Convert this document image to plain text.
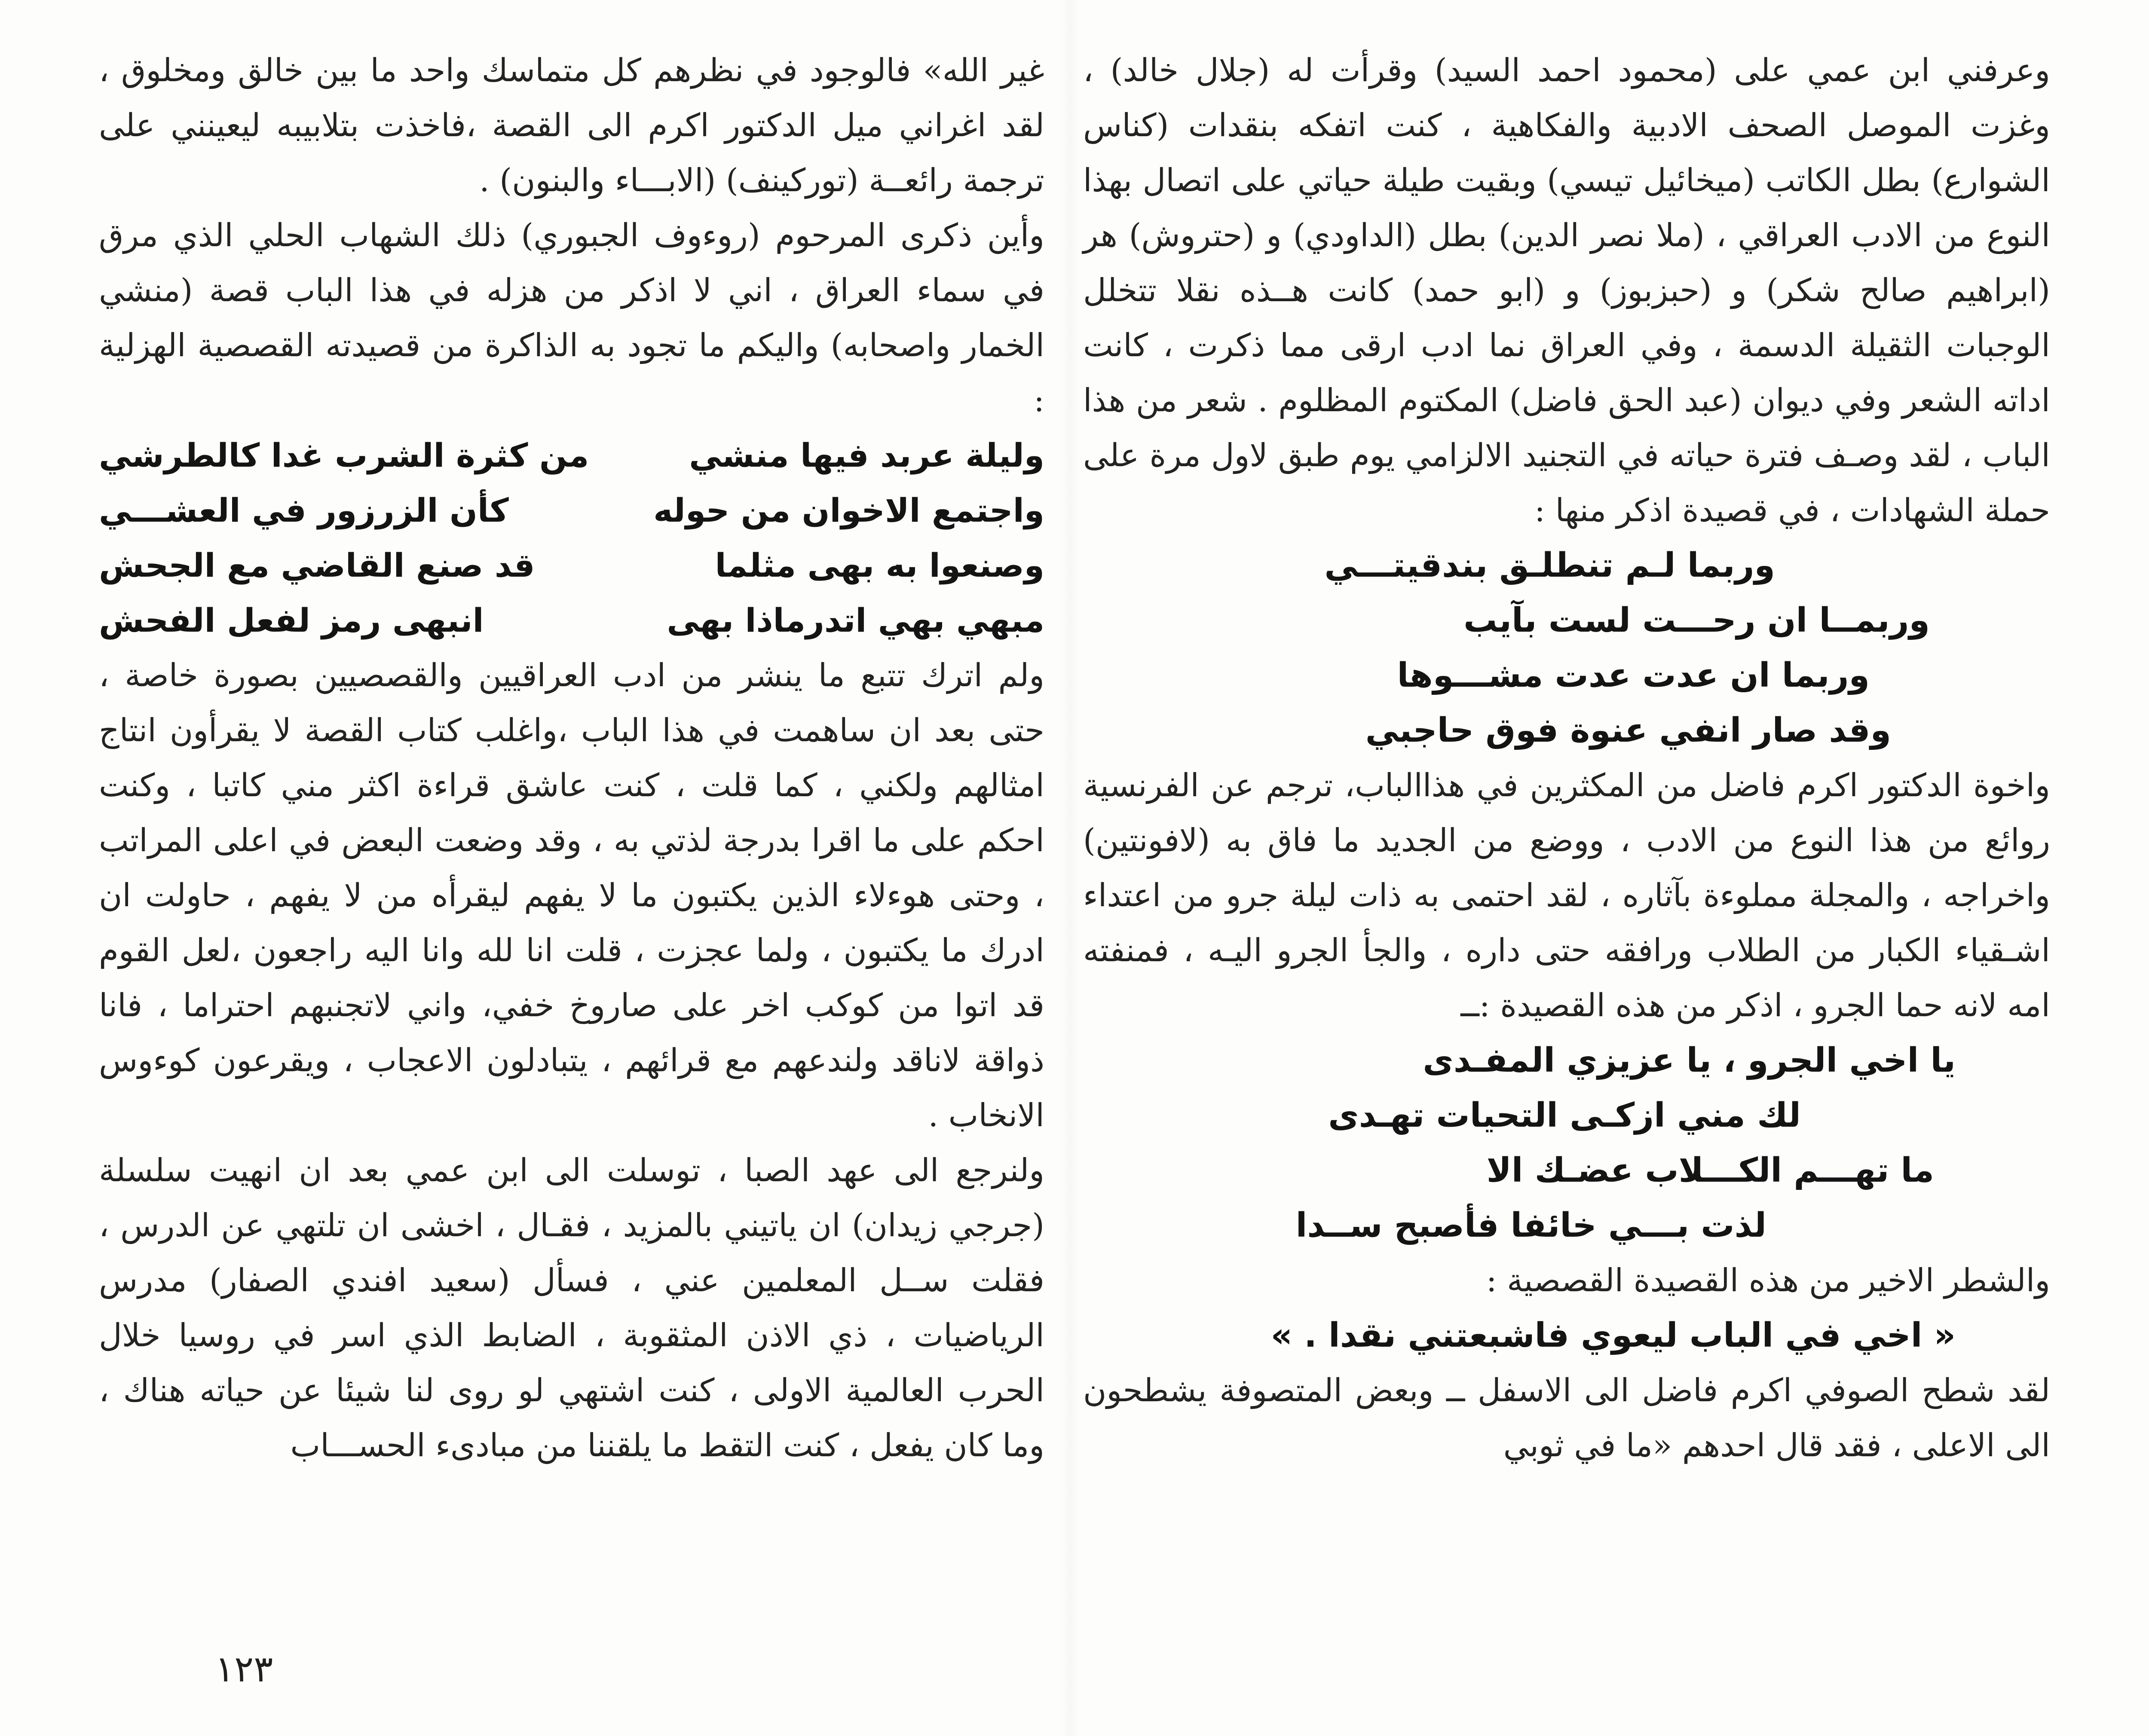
وعرفني ابن عمي على (محمود احمد السيد) وقرأت له (جلال خالد) ، وغزت الموصل الصحف الادبية والفكاهية ، كنت اتفكه بنقدات (كناس الشوارع) بطل الكاتب (ميخائيل تيسي) وبقيت طيلة حياتي على اتصال بهذا النوع من الادب العراقي ، (ملا نصر الدين) بطل (الداودي) و (حتروش) هر (ابراهيم صالح شكر) و (حبزبوز) و (ابو حمد) كانت هــذه نقلا تتخلل الوجبات الثقيلة الدسمة ، وفي العراق نما ادب ارقى مما ذكرت ، كانت اداته الشعر وفي ديوان (عبد الحق فاضل) المكتوم المظلوم . شعر من هذا الباب ، لقد وصـف فترة حياته في التجنيد الالزامي يوم طبق لاول مرة على حملة الشهادات ، في قصيدة اذكر منها :

وربما لـم تنطلـق بندقيتـــي

وربمــا ان رحـــت لست بآيب

وربما ان عدت عدت مشـــوها

وقد صار انفي عنوة فوق حاجبي

واخوة الدكتور اكرم فاضل من المكثرين في هذاالباب، ترجم عن الفرنسية روائع من هذا النوع من الادب ، ووضع من الجديد ما فاق به (لافونتين) واخراجه ، والمجلة مملوءة بآثاره ، لقد احتمى به ذات ليلة جرو من اعتداء اشـقياء الكبار من الطلاب ورافقه حتى داره ، والجأ الجرو اليـه ، فمنفته امه لانه حما الجرو ، اذكر من هذه القصيدة :ــ

يا اخي الجرو ، يا عزيزي المفـدى

لك مني ازكـى التحيات تهـدى

ما تهـــم الكـــلاب عضـك الا

لذت بـــي خائفا فأصبح ســدا

والشطر الاخير من هذه القصيدة القصصية :

« اخي في الباب ليعوي فاشبعتني نقدا . »

لقد شطح الصوفي اكرم فاضل الى الاسفل ــ وبعض المتصوفة يشطحون الى الاعلى ، فقد قال احدهم «ما في ثوبي

غير الله» فالوجود في نظرهم كل متماسك واحد ما بين خالق ومخلوق ، لقد اغراني ميل الدكتور اكرم الى القصة ،فاخذت بتلابيبه ليعينني على ترجمة رائعــة (توركينف) (الابـــاء والبنون) .

وأين ذكرى المرحوم (روءوف الجبوري) ذلك الشهاب الحلي الذي مرق في سماء العراق ، اني لا اذكر من هزله في هذا الباب قصة (منشي الخمار واصحابه) واليكم ما تجود به الذاكرة من قصيدته القصصية الهزلية :

وليلة عربد فيها منشي
من كثرة الشرب غدا كالطرشي
واجتمع الاخوان من حوله
كأن الزرزور في العشـــي
وصنعوا به بهى مثلما
قد صنع القاضي مع الجحش
مبهي بهي اتدرماذا بهى
انبهى رمز لفعل الفحش

ولم اترك تتبع ما ينشر من ادب العراقيين والقصصيين بصورة خاصة ، حتى بعد ان ساهمت في هذا الباب ،واغلب كتاب القصة لا يقرأون انتاج امثالهم ولكني ، كما قلت ، كنت عاشق قراءة اكثر مني كاتبا ، وكنت احكم على ما اقرا بدرجة لذتي به ، وقد وضعت البعض في اعلى المراتب ، وحتى هوءلاء الذين يكتبون ما لا يفهم ليقرأه من لا يفهم ، حاولت ان ادرك ما يكتبون ، ولما عجزت ، قلت انا لله وانا اليه راجعون ،لعل القوم قد اتوا من كوكب اخر على صاروخ خفي، واني لاتجنبهم احتراما ، فانا ذواقة لاناقد ولندعهم مع قرائهم ، يتبادلون الاعجاب ، ويقرعون كوءوس الانخاب .

ولنرجع الى عهد الصبا ، توسلت الى ابن عمي بعد ان انهيت سلسلة (جرجي زيدان) ان ياتيني بالمزيد ، فقـال ، اخشى ان تلتهي عن الدرس ، فقلت ســل المعلمين عني ، فسأل (سعيد افندي الصفار) مدرس الرياضيات ، ذي الاذن المثقوبة ، الضابط الذي اسر في روسيا خلال الحرب العالمية الاولى ، كنت اشتهي لو روى لنا شيئا عن حياته هناك ، وما كان يفعل ، كنت التقط ما يلقننا من مبادىء الحســـاب

١٢٣
